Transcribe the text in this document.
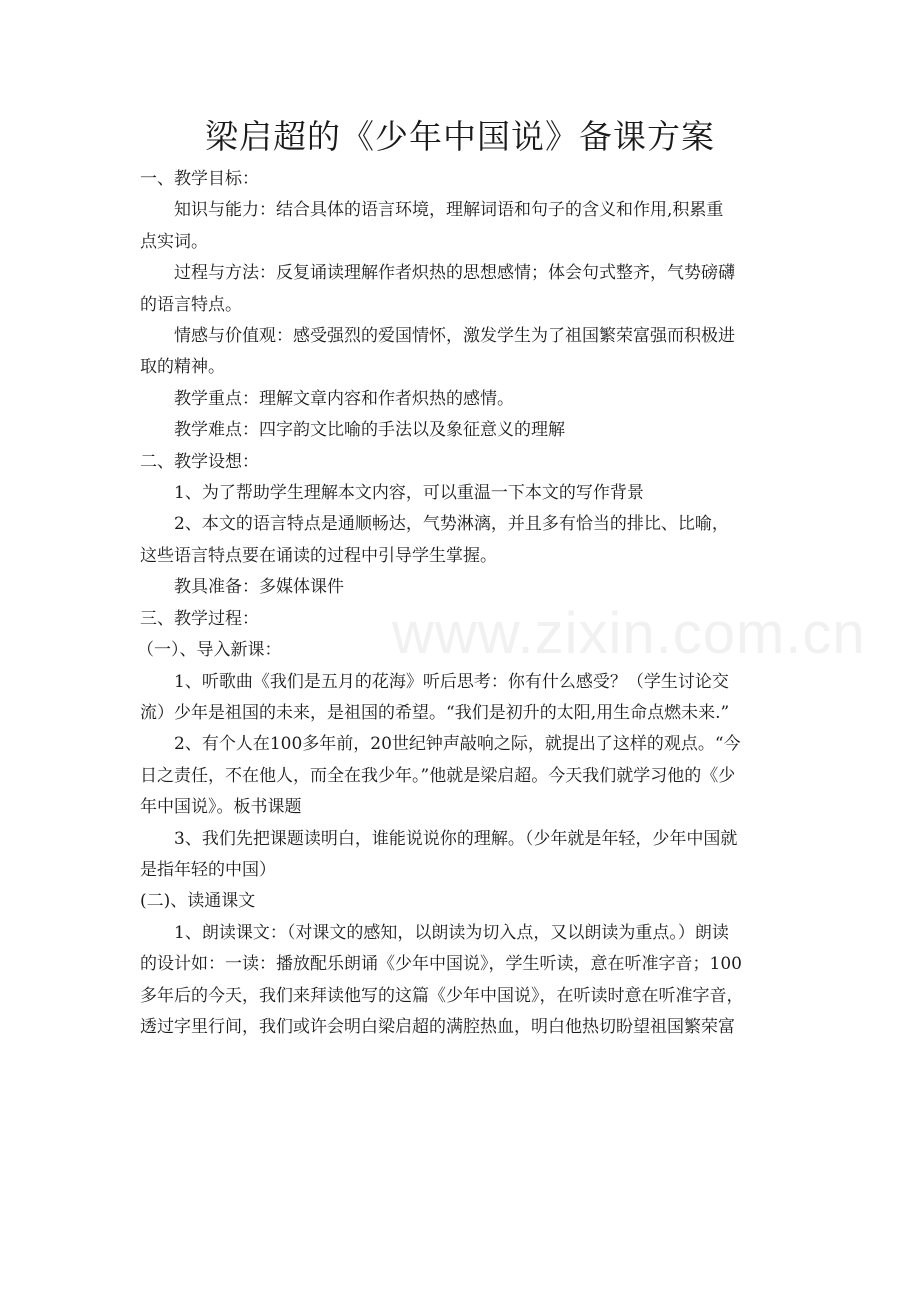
梁启超的《少年中国说》备课方案
www.zixin.com.cn

一、教学目标：

知识与能力：结合具体的语言环境，理解词语和句子的含义和作用,积累重

点实词。

过程与方法：反复诵读理解作者炽热的思想感情；体会句式整齐，气势磅礴

的语言特点。

情感与价值观：感受强烈的爱国情怀，激发学生为了祖国繁荣富强而积极进

取的精神。

教学重点：理解文章内容和作者炽热的感情。

教学难点：四字韵文比喻的手法以及象征意义的理解

二、教学设想：

1、为了帮助学生理解本文内容，可以重温一下本文的写作背景

2、本文的语言特点是通顺畅达，气势淋漓，并且多有恰当的排比、比喻，

这些语言特点要在诵读的过程中引导学生掌握。

教具准备：多媒体课件

三、教学过程：

（一）、导入新课：

1、听歌曲《我们是五月的花海》听后思考：你有什么感受？（学生讨论交

流）少年是祖国的未来，是祖国的希望。“我们是初升的太阳,用生命点燃未来.”

2、有个人在100多年前，20世纪钟声敲响之际，就提出了这样的观点。“今

日之责任，不在他人，而全在我少年。”他就是梁启超。今天我们就学习他的《少

年中国说》。板书课题

3、我们先把课题读明白，谁能说说你的理解。（少年就是年轻，少年中国就

是指年轻的中国）

(二)、读通课文

1、朗读课文：（对课文的感知，以朗读为切入点，又以朗读为重点。）朗读

的设计如：一读：播放配乐朗诵《少年中国说》，学生听读，意在听准字音；100

多年后的今天，我们来拜读他写的这篇《少年中国说》，在听读时意在听准字音，

透过字里行间，我们或许会明白梁启超的满腔热血，明白他热切盼望祖国繁荣富
